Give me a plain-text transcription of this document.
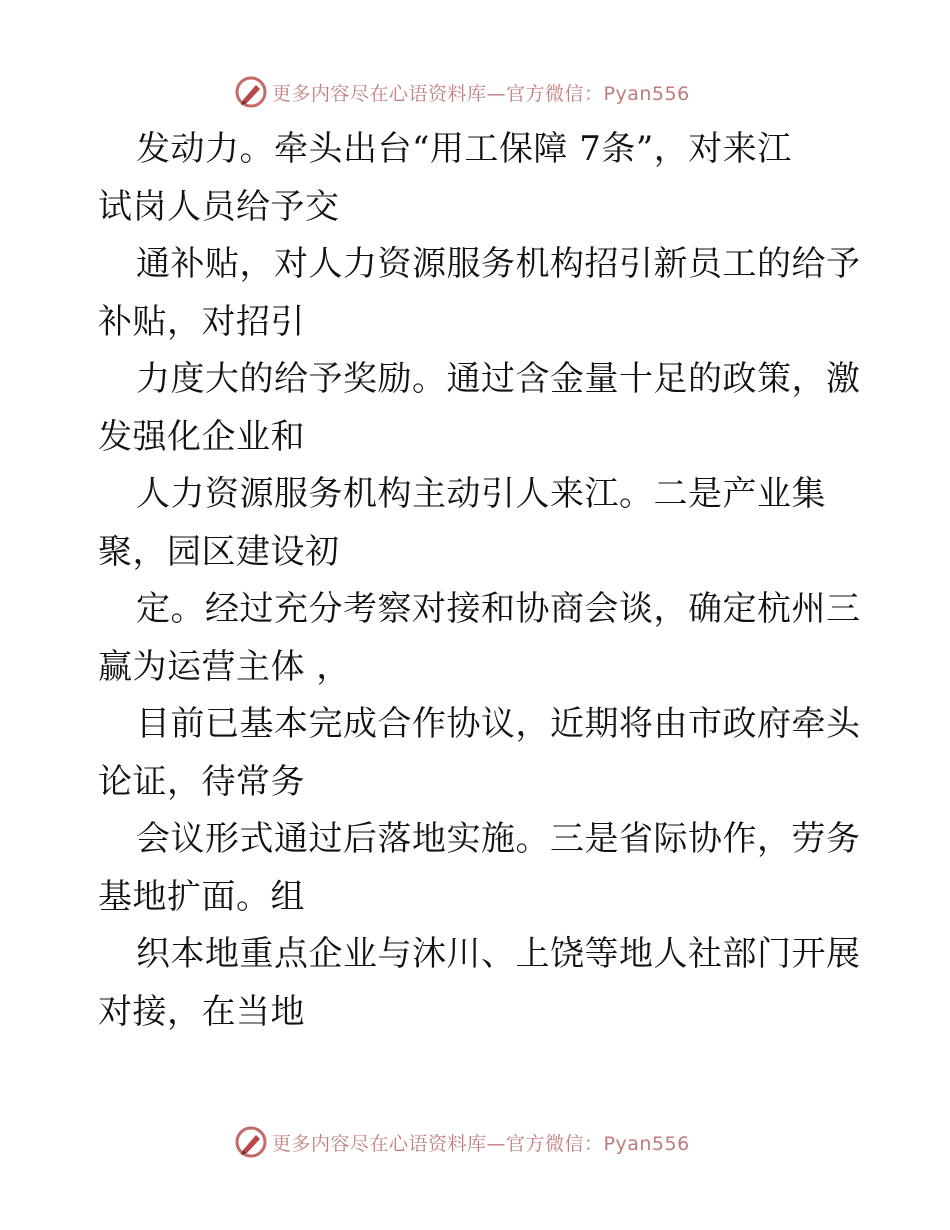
更多内容尽在心语资料库—官方微信：Pyan556
发动力。牵头出台“用工保障 7条”，对来江
试岗人员给予交
通补贴，对人力资源服务机构招引新员工的给予
补贴，对招引
力度大的给予奖励。通过含金量十足的政策，激
发强化企业和
人力资源服务机构主动引人来江。二是产业集
聚，园区建设初
定。经过充分考察对接和协商会谈，确定杭州三
赢为运营主体 ，
目前已基本完成合作协议，近期将由市政府牵头
论证，待常务
会议形式通过后落地实施。三是省际协作，劳务
基地扩面。组
织本地重点企业与沐川、上饶等地人社部门开展
对接，在当地
更多内容尽在心语资料库—官方微信：Pyan556
